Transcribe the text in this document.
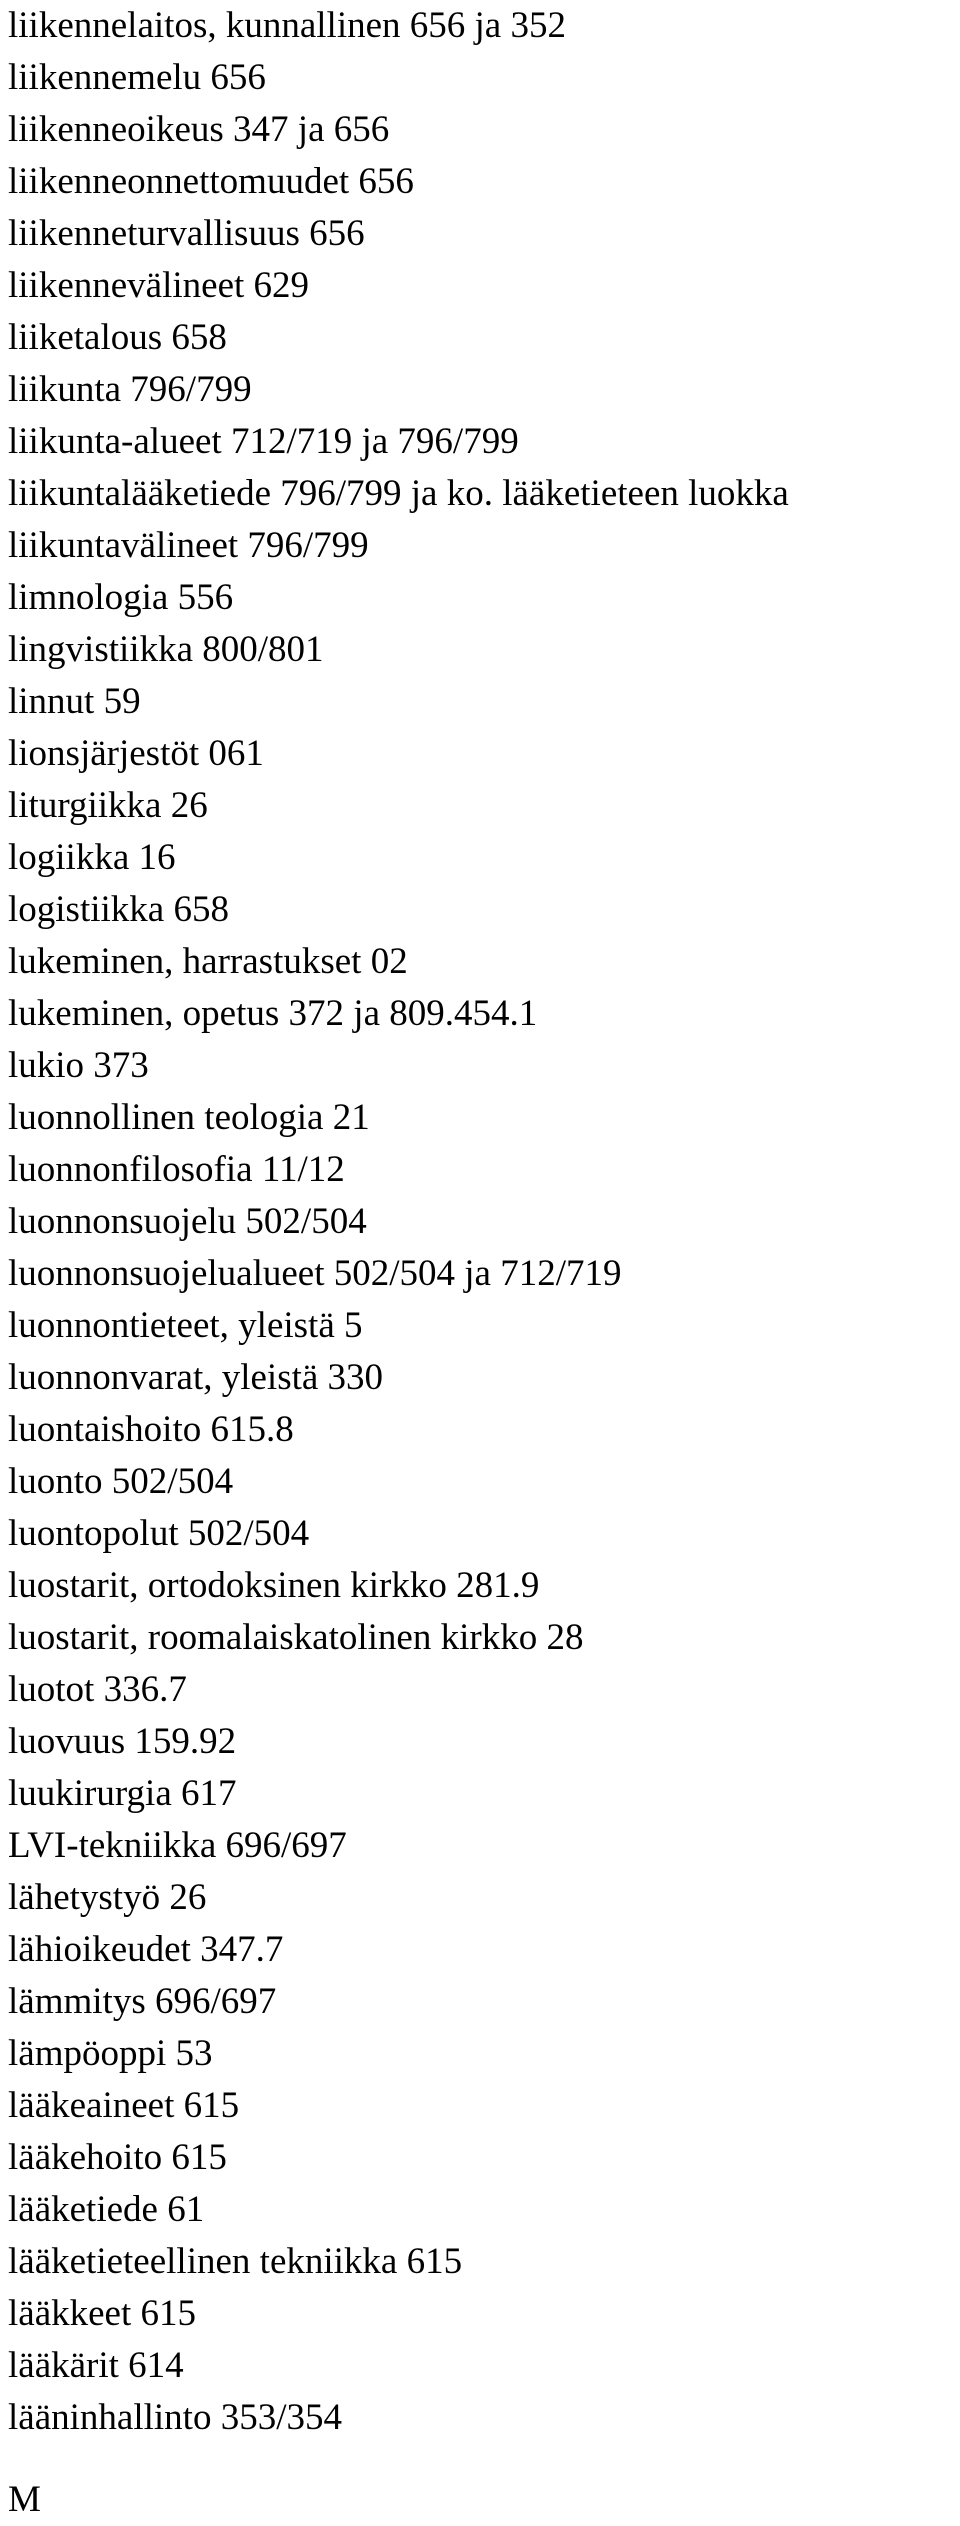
liikennelaitos, kunnallinen 656 ja 352
liikennemelu 656
liikenneoikeus 347 ja 656
liikenneonnettomuudet 656
liikenneturvallisuus 656
liikennevälineet 629
liiketalous 658
liikunta 796/799
liikunta-alueet 712/719 ja 796/799
liikuntalääketiede 796/799 ja ko. lääketieteen luokka
liikuntavälineet 796/799
limnologia 556
lingvistiikka 800/801
linnut 59
lionsjärjestöt 061
liturgiikka 26
logiikka 16
logistiikka 658
lukeminen, harrastukset 02
lukeminen, opetus 372 ja 809.454.1
lukio 373
luonnollinen teologia 21
luonnonfilosofia 11/12
luonnonsuojelu 502/504
luonnonsuojelualueet 502/504 ja 712/719
luonnontieteet, yleistä 5
luonnonvarat, yleistä 330
luontaishoito 615.8
luonto 502/504
luontopolut 502/504
luostarit, ortodoksinen kirkko 281.9
luostarit, roomalaiskatolinen kirkko 28
luotot 336.7
luovuus 159.92
luukirurgia 617
LVI-tekniikka 696/697
lähetystyö 26
lähioikeudet 347.7
lämmitys 696/697
lämpöoppi 53
lääkeaineet 615
lääkehoito 615
lääketiede 61
lääketieteellinen tekniikka 615
lääkkeet 615
lääkärit 614
lääninhallinto 353/354
M
